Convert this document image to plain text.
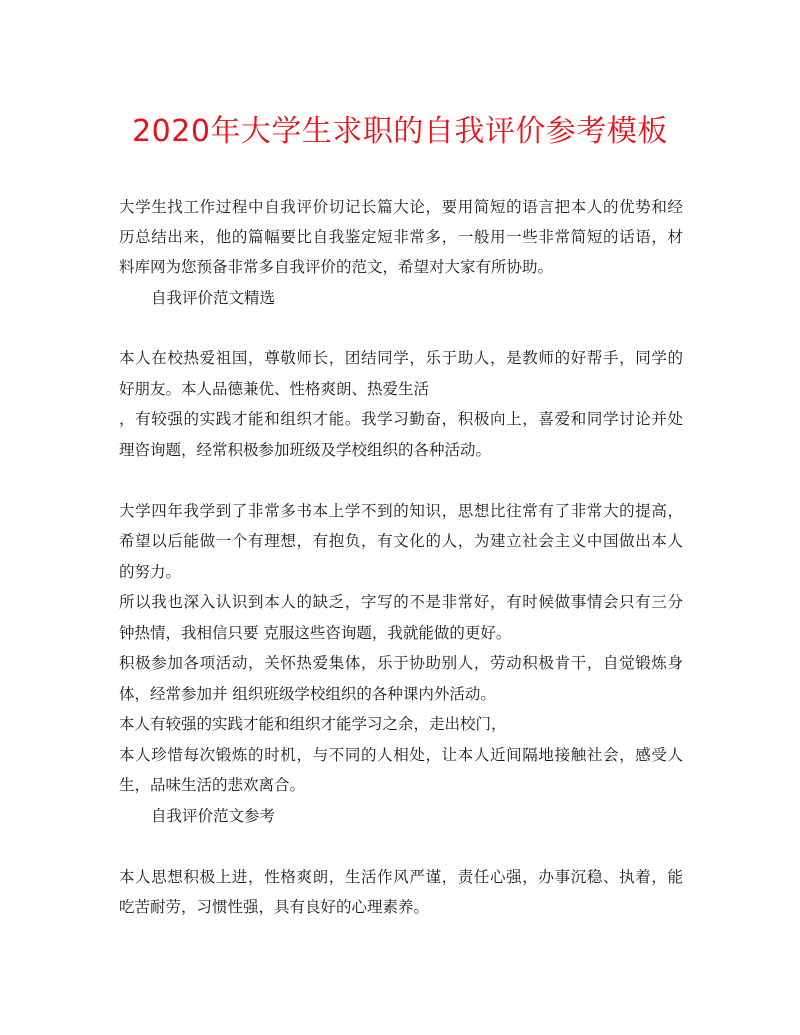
2020年大学生求职的自我评价参考模板

大学生找工作过程中自我评价切记长篇大论，要用简短的语言把本人的优势和经

历总结出来，他的篇幅要比自我鉴定短非常多，一般用一些非常简短的话语，材

料库网为您预备非常多自我评价的范文，希望对大家有所协助。

自我评价范文精选

本人在校热爱祖国，尊敬师长，团结同学，乐于助人，是教师的好帮手，同学的

好朋友。本人品德兼优、性格爽朗、热爱生活

，有较强的实践才能和组织才能。我学习勤奋，积极向上，喜爱和同学讨论并处

理咨询题，经常积极参加班级及学校组织的各种活动。

大学四年我学到了非常多书本上学不到的知识，思想比往常有了非常大的提高，

希望以后能做一个有理想，有抱负，有文化的人，为建立社会主义中国做出本人

的努力。

所以我也深入认识到本人的缺乏，字写的不是非常好，有时候做事情会只有三分

钟热情，我相信只要 克服这些咨询题，我就能做的更好。

积极参加各项活动，关怀热爱集体，乐于协助别人，劳动积极肯干，自觉锻炼身

体，经常参加并 组织班级学校组织的各种课内外活动。

本人有较强的实践才能和组织才能学习之余，走出校门，

本人珍惜每次锻炼的时机，与不同的人相处，让本人近间隔地接触社会，感受人

生，品味生活的悲欢离合。

自我评价范文参考

本人思想积极上进，性格爽朗，生活作风严谨，责任心强，办事沉稳、执着，能

吃苦耐劳，习惯性强，具有良好的心理素养。
